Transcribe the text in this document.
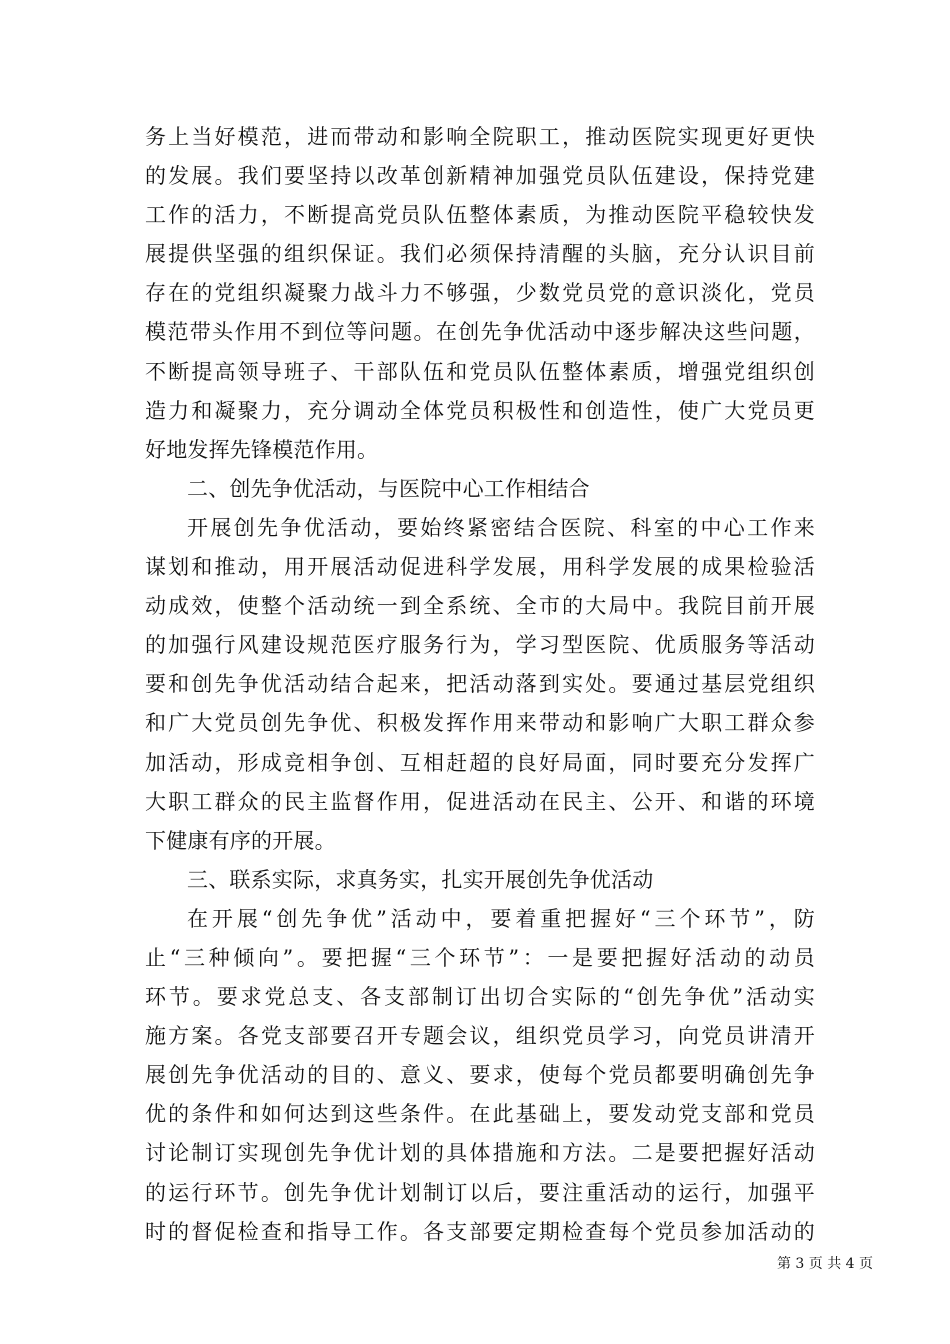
务上当好模范，进而带动和影响全院职工，推动医院实现更好更快
的发展。我们要坚持以改革创新精神加强党员队伍建设，保持党建
工作的活力，不断提高党员队伍整体素质，为推动医院平稳较快发
展提供坚强的组织保证。我们必须保持清醒的头脑，充分认识目前
存在的党组织凝聚力战斗力不够强，少数党员党的意识淡化，党员
模范带头作用不到位等问题。在创先争优活动中逐步解决这些问题，
不断提高领导班子、干部队伍和党员队伍整体素质，增强党组织创
造力和凝聚力，充分调动全体党员积极性和创造性，使广大党员更
好地发挥先锋模范作用。
二、创先争优活动，与医院中心工作相结合
开展创先争优活动，要始终紧密结合医院、科室的中心工作来
谋划和推动，用开展活动促进科学发展，用科学发展的成果检验活
动成效，使整个活动统一到全系统、全市的大局中。我院目前开展
的加强行风建设规范医疗服务行为，学习型医院、优质服务等活动
要和创先争优活动结合起来，把活动落到实处。要通过基层党组织
和广大党员创先争优、积极发挥作用来带动和影响广大职工群众参
加活动，形成竞相争创、互相赶超的良好局面，同时要充分发挥广
大职工群众的民主监督作用，促进活动在民主、公开、和谐的环境
下健康有序的开展。
三、联系实际，求真务实，扎实开展创先争优活动
在开展“创先争优”活动中，要着重把握好“三个环节”，防
止“三种倾向”。要把握“三个环节”：一是要把握好活动的动员
环节。要求党总支、各支部制订出切合实际的“创先争优”活动实
施方案。各党支部要召开专题会议，组织党员学习，向党员讲清开
展创先争优活动的目的、意义、要求，使每个党员都要明确创先争
优的条件和如何达到这些条件。在此基础上，要发动党支部和党员
讨论制订实现创先争优计划的具体措施和方法。二是要把握好活动
的运行环节。创先争优计划制订以后，要注重活动的运行，加强平
时的督促检查和指导工作。各支部要定期检查每个党员参加活动的
第 3 页 共 4 页
